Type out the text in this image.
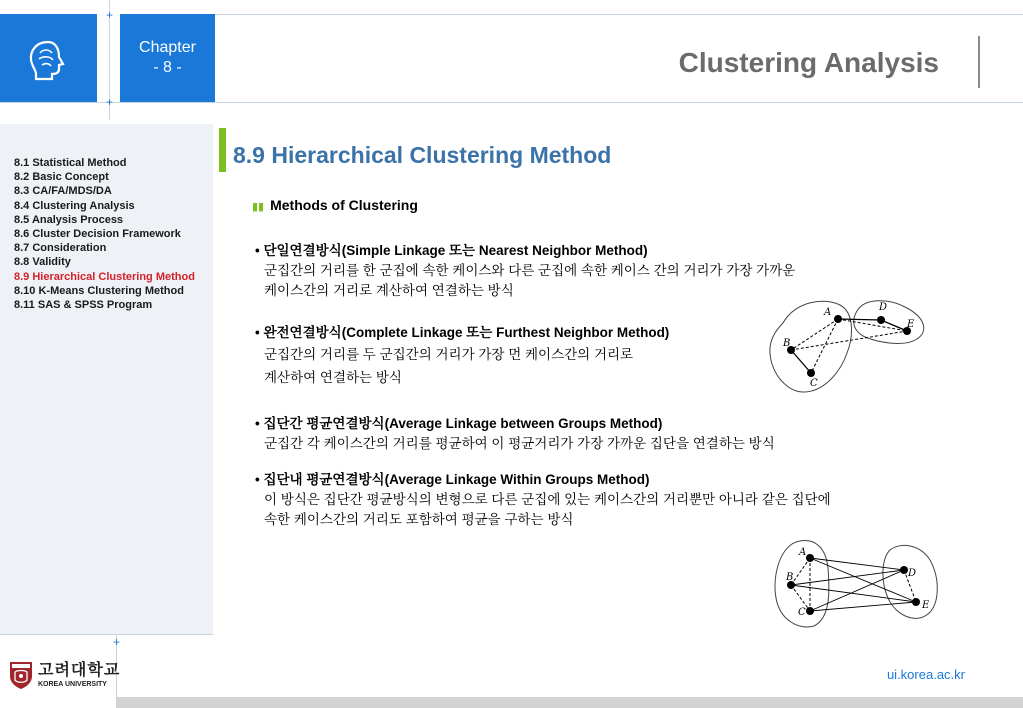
Chapter
- 8 -	Clustering Analysis
+
+
+
8.1 Statistical Method
8.2 Basic Concept
8.3 CA/FA/MDS/DA
8.4 Clustering Analysis
8.5 Analysis Process
8.6 Cluster Decision Framework
8.7 Consideration
8.8 Validity
8.9 Hierarchical Clustering Method
8.10 K-Means Clustering Method
8.11 SAS & SPSS Program
8.9 Hierarchical Clustering Method
▮▮ Methods of Clustering
• 단일연결방식(Simple Linkage 또는 Nearest Neighbor Method)
군집간의 거리를 한 군집에 속한 케이스와 다른 군집에 속한 케이스 간의 거리가 가장 가까운
케이스간의 거리로 계산하여 연결하는 방식
• 완전연결방식(Complete Linkage 또는 Furthest Neighbor Method)
군집간의 거리를 두 군집간의 거리가 가장 먼 케이스간의 거리로
계산하여 연결하는 방식
• 집단간 평균연결방식(Average Linkage between Groups Method)
군집간 각 케이스간의 거리를 평균하여 이 평균거리가 가장 가까운 집단을 연결하는 방식
• 집단내 평균연결방식(Average Linkage Within Groups Method)
이 방식은 집단간 평균방식의 변형으로 다른 군집에 있는 케이스간의 거리뿐만 아니라 같은 집단에
속한 케이스간의 거리도 포함하여 평균을 구하는 방식
A
B
C
D
E
A
B
C
D
E
고려대학교
KOREA UNIVERSITY
ui.korea.ac.kr
